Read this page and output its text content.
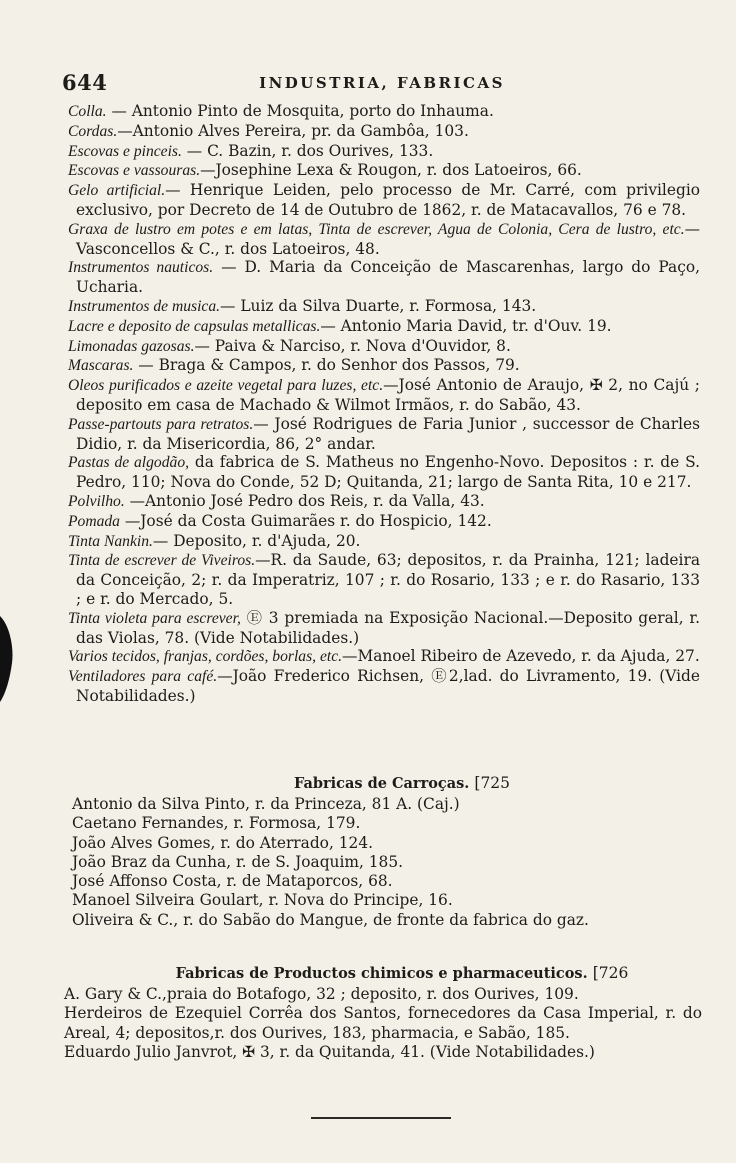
644	INDUSTRIA, FABRICAS

Colla. — Antonio Pinto de Mosquita, porto do Inhauma.

Cordas.—Antonio Alves Pereira, pr. da Gambôa, 103.

Escovas e pinceis. — C. Bazin, r. dos Ourives, 133.

Escovas e vassouras.—Josephine Lexa & Rougon, r. dos Latoeiros, 66.

Gelo artificial.— Henrique Leiden, pelo processo de Mr. Carré, com privilegio exclusivo, por Decreto de 14 de Outubro de 1862, r. de Matacavallos, 76 e 78.

Graxa de lustro em potes e em latas, Tinta de escrever, Agua de Colonia, Cera de lustro, etc.— Vasconcellos & C., r. dos Latoeiros, 48.

Instrumentos nauticos. — D. Maria da Conceição de Mascarenhas, largo do Paço, Ucharia.

Instrumentos de musica.— Luiz da Silva Duarte, r. Formosa, 143.

Lacre e deposito de capsulas metallicas.— Antonio Maria David, tr. d'Ouv. 19.

Limonadas gazosas.— Paiva & Narciso, r. Nova d'Ouvidor, 8.

Mascaras. — Braga & Campos, r. do Senhor dos Passos, 79.

Oleos purificados e azeite vegetal para luzes, etc.—José Antonio de Araujo, ✠ 2, no Cajú ; deposito em casa de Machado & Wilmot Irmãos, r. do Sabão, 43.

Passe-partouts para retratos.— José Rodrigues de Faria Junior , successor de Charles Didio, r. da Misericordia, 86, 2° andar.

Pastas de algodão, da fabrica de S. Matheus no Engenho-Novo. Depositos : r. de S. Pedro, 110; Nova do Conde, 52 D; Quitanda, 21; largo de Santa Rita, 10 e 217.

Polvilho. —Antonio José Pedro dos Reis, r. da Valla, 43.

Pomada —José da Costa Guimarães r. do Hospicio, 142.

Tinta Nankin.— Deposito, r. d'Ajuda, 20.

Tinta de escrever de Viveiros.—R. da Saude, 63; depositos, r. da Prainha, 121; ladeira da Conceição, 2; r. da Imperatriz, 107 ; r. do Rosario, 133 ; e r. do Rasario, 133 ; e r. do Mercado, 5.

Tinta violeta para escrever, Ⓔ 3 premiada na Exposição Nacional.—Deposito geral, r. das Violas, 78. (Vide Notabilidades.)

Varios tecidos, franjas, cordões, borlas, etc.—Manoel Ribeiro de Azevedo, r. da Ajuda, 27.

Ventiladores para café.—João Frederico Richsen, Ⓔ2,lad. do Livramento, 19. (Vide Notabilidades.)

Fabricas de Carroças. [725
Antonio da Silva Pinto, r. da Princeza, 81 A. (Caj.)
Caetano Fernandes, r. Formosa, 179.
João Alves Gomes, r. do Aterrado, 124.
João Braz da Cunha, r. de S. Joaquim, 185.
José Affonso Costa, r. de Mataporcos, 68.
Manoel Silveira Goulart, r. Nova do Principe, 16.
Oliveira & C., r. do Sabão do Mangue, de fronte da fabrica do gaz.
Fabricas de Productos chimicos e pharmaceuticos. [726
A. Gary & C.,praia do Botafogo, 32 ; deposito, r. dos Ourives, 109.
Herdeiros de Ezequiel Corrêa dos Santos, fornecedores da Casa Imperial, r. do Areal, 4; depositos,r. dos Ourives, 183, pharmacia, e Sabão, 185.
Eduardo Julio Janvrot, ✠ 3, r. da Quitanda, 41. (Vide Notabilidades.)
